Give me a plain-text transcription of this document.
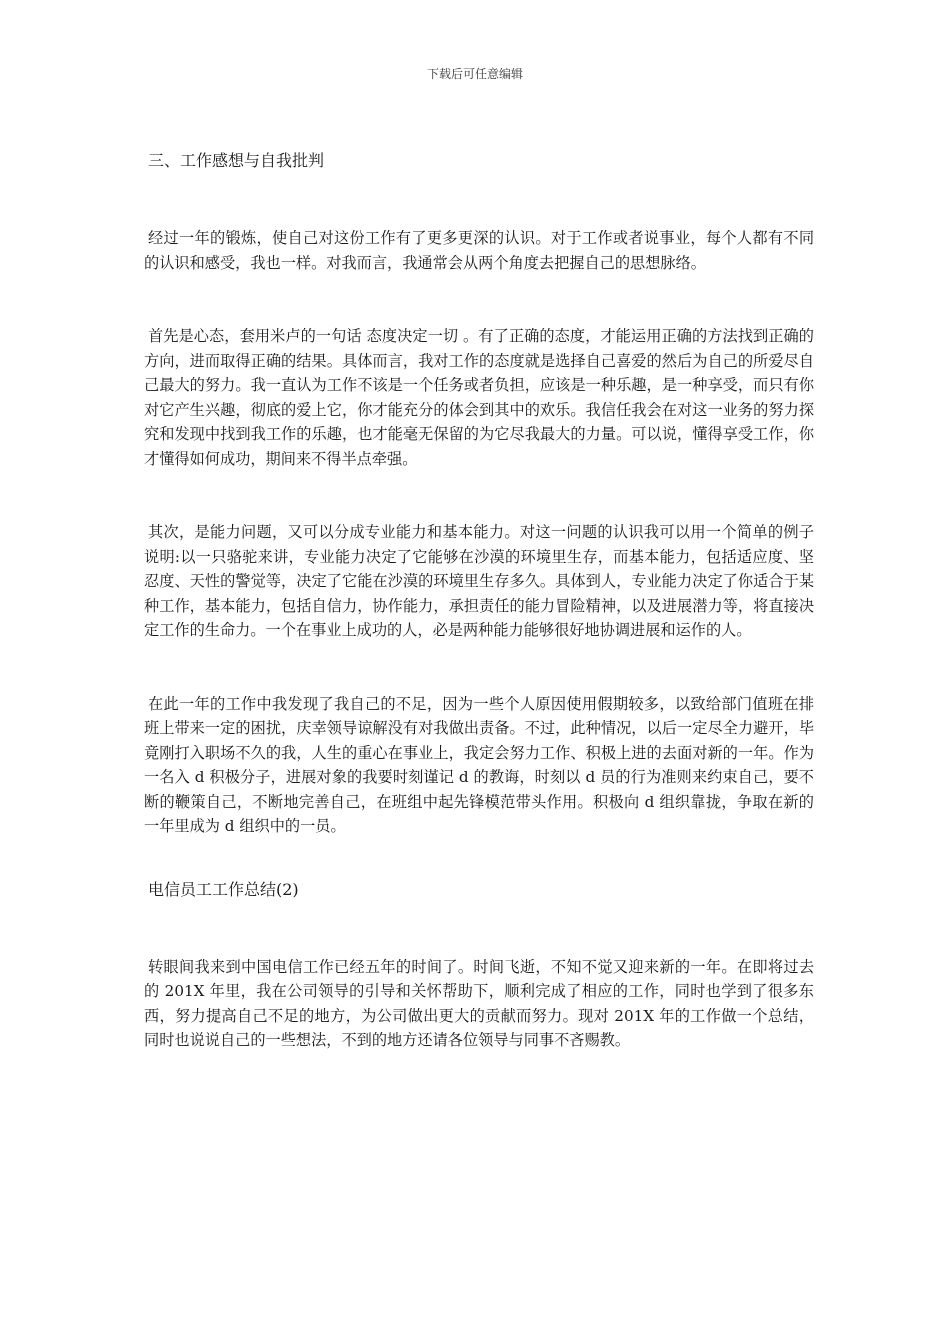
下载后可任意编辑

三、工作感想与自我批判

经过一年的锻炼，使自己对这份工作有了更多更深的认识。对于工作或者说事业，每个人都有不同的认识和感受，我也一样。对我而言，我通常会从两个角度去把握自己的思想脉络。

首先是心态，套用米卢的一句话 态度决定一切 。有了正确的态度，才能运用正确的方法找到正确的方向，进而取得正确的结果。具体而言，我对工作的态度就是选择自己喜爱的然后为自己的所爱尽自己最大的努力。我一直认为工作不该是一个任务或者负担，应该是一种乐趣，是一种享受，而只有你对它产生兴趣，彻底的爱上它，你才能充分的体会到其中的欢乐。我信任我会在对这一业务的努力探究和发现中找到我工作的乐趣，也才能毫无保留的为它尽我最大的力量。可以说，懂得享受工作，你才懂得如何成功，期间来不得半点牵强。

其次，是能力问题，又可以分成专业能力和基本能力。对这一问题的认识我可以用一个简单的例子说明:以一只骆驼来讲，专业能力决定了它能够在沙漠的环境里生存，而基本能力，包括适应度、坚忍度、天性的警觉等，决定了它能在沙漠的环境里生存多久。具体到人，专业能力决定了你适合于某种工作，基本能力，包括自信力，协作能力，承担责任的能力冒险精神，以及进展潜力等，将直接决定工作的生命力。一个在事业上成功的人，必是两种能力能够很好地协调进展和运作的人。

在此一年的工作中我发现了我自己的不足，因为一些个人原因使用假期较多，以致给部门值班在排班上带来一定的困扰，庆幸领导谅解没有对我做出责备。不过，此种情况，以后一定尽全力避开，毕竟刚打入职场不久的我，人生的重心在事业上，我定会努力工作、积极上进的去面对新的一年。作为一名入 d 积极分子，进展对象的我要时刻谨记 d 的教诲，时刻以 d 员的行为准则来约束自己，要不断的鞭策自己，不断地完善自己，在班组中起先锋模范带头作用。积极向 d 组织靠拢，争取在新的一年里成为 d 组织中的一员。

电信员工工作总结(2)

转眼间我来到中国电信工作已经五年的时间了。时间飞逝，不知不觉又迎来新的一年。在即将过去的 201X 年里，我在公司领导的引导和关怀帮助下，顺利完成了相应的工作，同时也学到了很多东西，努力提高自己不足的地方，为公司做出更大的贡献而努力。现对 201X 年的工作做一个总结，同时也说说自己的一些想法，不到的地方还请各位领导与同事不吝赐教。
